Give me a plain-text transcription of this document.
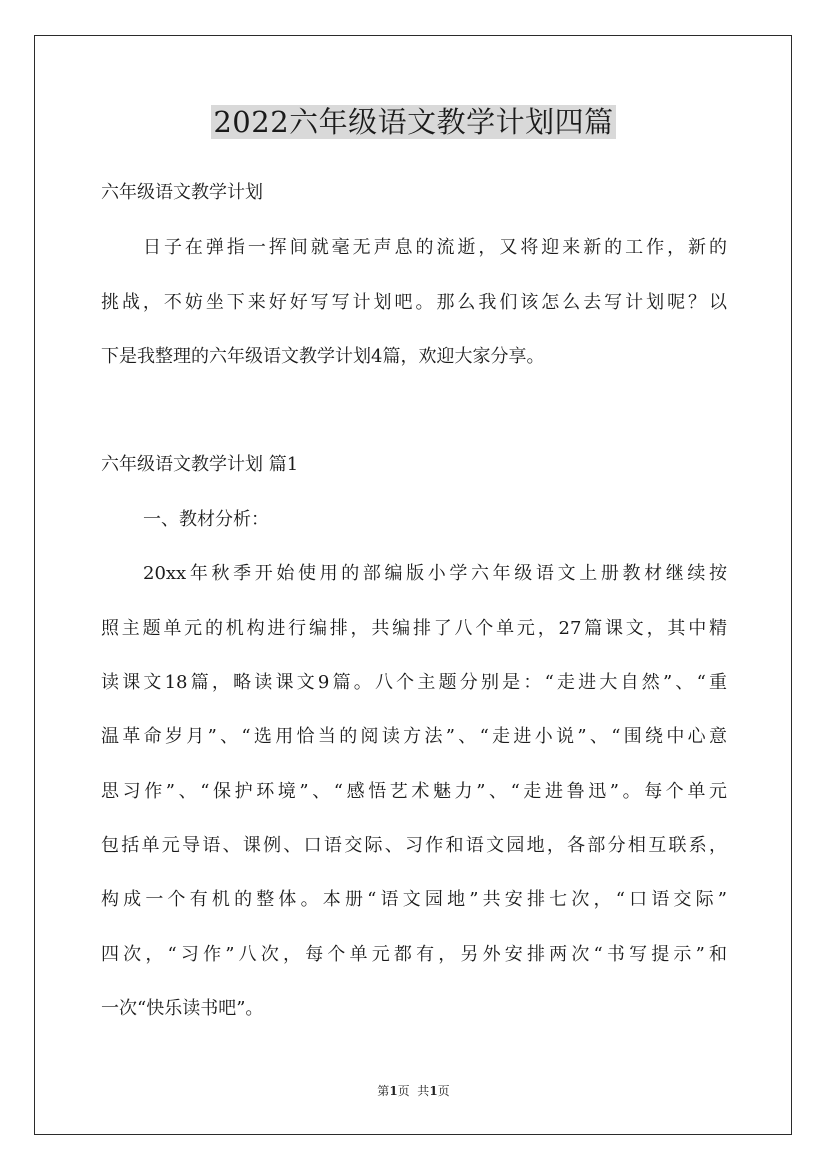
2022六年级语文教学计划四篇
六年级语文教学计划
日子在弹指一挥间就毫无声息的流逝，又将迎来新的工作，新的
挑战，不妨坐下来好好写写计划吧。那么我们该怎么去写计划呢？以
下是我整理的六年级语文教学计划4篇，欢迎大家分享。
六年级语文教学计划 篇1
一、教材分析：
20xx年秋季开始使用的部编版小学六年级语文上册教材继续按
照主题单元的机构进行编排，共编排了八个单元，27篇课文，其中精
读课文18篇，略读课文9篇。八个主题分别是：“走进大自然”、“重
温革命岁月”、“选用恰当的阅读方法”、“走进小说”、“围绕中心意
思习作”、“保护环境”、“感悟艺术魅力”、“走进鲁迅”。每个单元
包括单元导语、课例、口语交际、习作和语文园地，各部分相互联系，
构成一个有机的整体。本册“语文园地”共安排七次，“口语交际”
四次，“习作”八次，每个单元都有，另外安排两次“书写提示”和
一次“快乐读书吧”。
第1页  共1页
